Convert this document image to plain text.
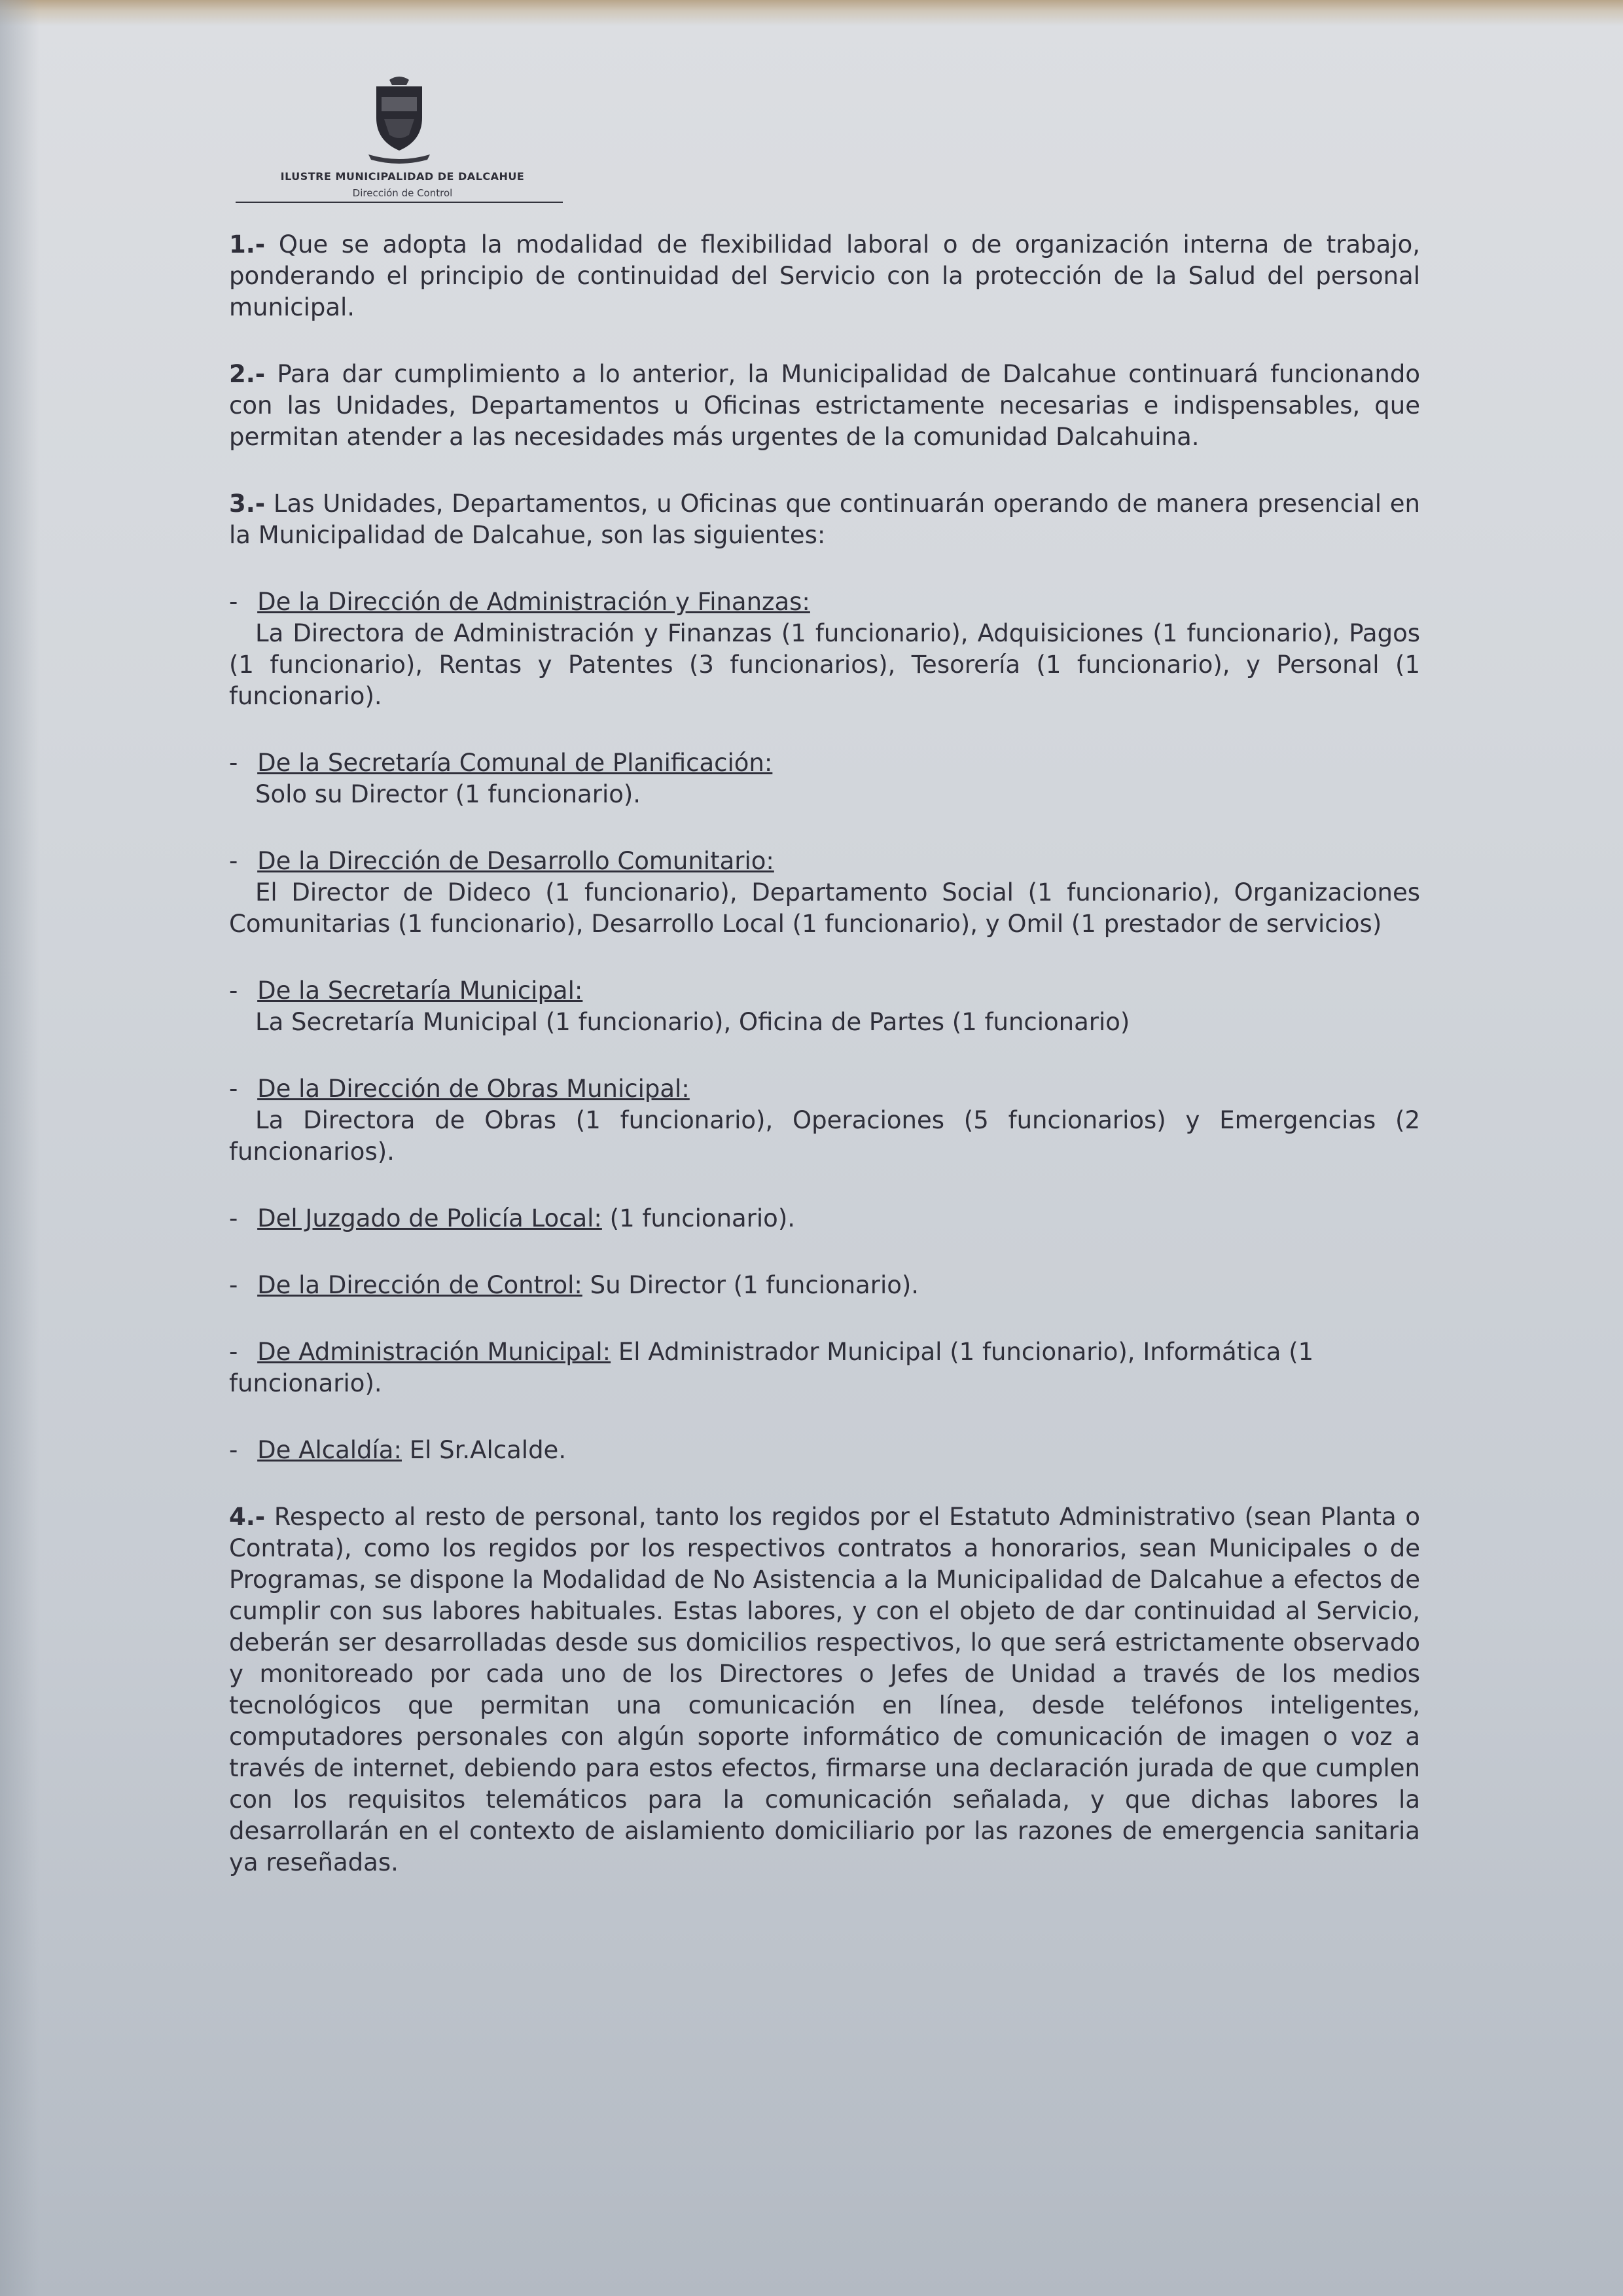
ILUSTRE MUNICIPALIDAD DE DALCAHUE
Dirección de Control

1.- Que se adopta la modalidad de flexibilidad laboral o de organización interna de trabajo, ponderando el principio de continuidad del Servicio con la protección de la Salud del personal municipal.

2.- Para dar cumplimiento a lo anterior, la Municipalidad de Dalcahue continuará funcionando con las Unidades, Departamentos u Oficinas estrictamente necesarias e indispensables, que permitan atender a las necesidades más urgentes de la comunidad Dalcahuina.

3.- Las Unidades, Departamentos, u Oficinas que continuarán operando de manera presencial en la Municipalidad de Dalcahue, son las siguientes:

- De la Dirección de Administración y Finanzas:
La Directora de Administración y Finanzas (1 funcionario), Adquisiciones (1 funcionario), Pagos (1 funcionario), Rentas y Patentes (3 funcionarios), Tesorería (1 funcionario), y Personal (1 funcionario).
- De la Secretaría Comunal de Planificación:
Solo su Director (1 funcionario).
- De la Dirección de Desarrollo Comunitario:
El Director de Dideco (1 funcionario), Departamento Social (1 funcionario), Organizaciones Comunitarias (1 funcionario), Desarrollo Local (1 funcionario), y Omil (1 prestador de servicios)
- De la Secretaría Municipal:
La Secretaría Municipal (1 funcionario), Oficina de Partes (1 funcionario)
- De la Dirección de Obras Municipal:
La Directora de Obras (1 funcionario), Operaciones (5 funcionarios) y Emergencias (2 funcionarios).
- Del Juzgado de Policía Local: (1 funcionario).
- De la Dirección de Control: Su Director (1 funcionario).
- De Administración Municipal: El Administrador Municipal (1 funcionario), Informática (1 funcionario).
- De Alcaldía: El Sr.Alcalde.

4.- Respecto al resto de personal, tanto los regidos por el Estatuto Administrativo (sean Planta o Contrata), como los regidos por los respectivos contratos a honorarios, sean Municipales o de Programas, se dispone la Modalidad de No Asistencia a la Municipalidad de Dalcahue a efectos de cumplir con sus labores habituales. Estas labores, y con el objeto de dar continuidad al Servicio, deberán ser desarrolladas desde sus domicilios respectivos, lo que será estrictamente observado y monitoreado por cada uno de los Directores o Jefes de Unidad a través de los medios tecnológicos que permitan una comunicación en línea, desde teléfonos inteligentes, computadores personales con algún soporte informático de comunicación de imagen o voz a través de internet, debiendo para estos efectos, firmarse una declaración jurada de que cumplen con los requisitos telemáticos para la comunicación señalada, y que dichas labores la desarrollarán en el contexto de aislamiento domiciliario por las razones de emergencia sanitaria ya reseñadas.
